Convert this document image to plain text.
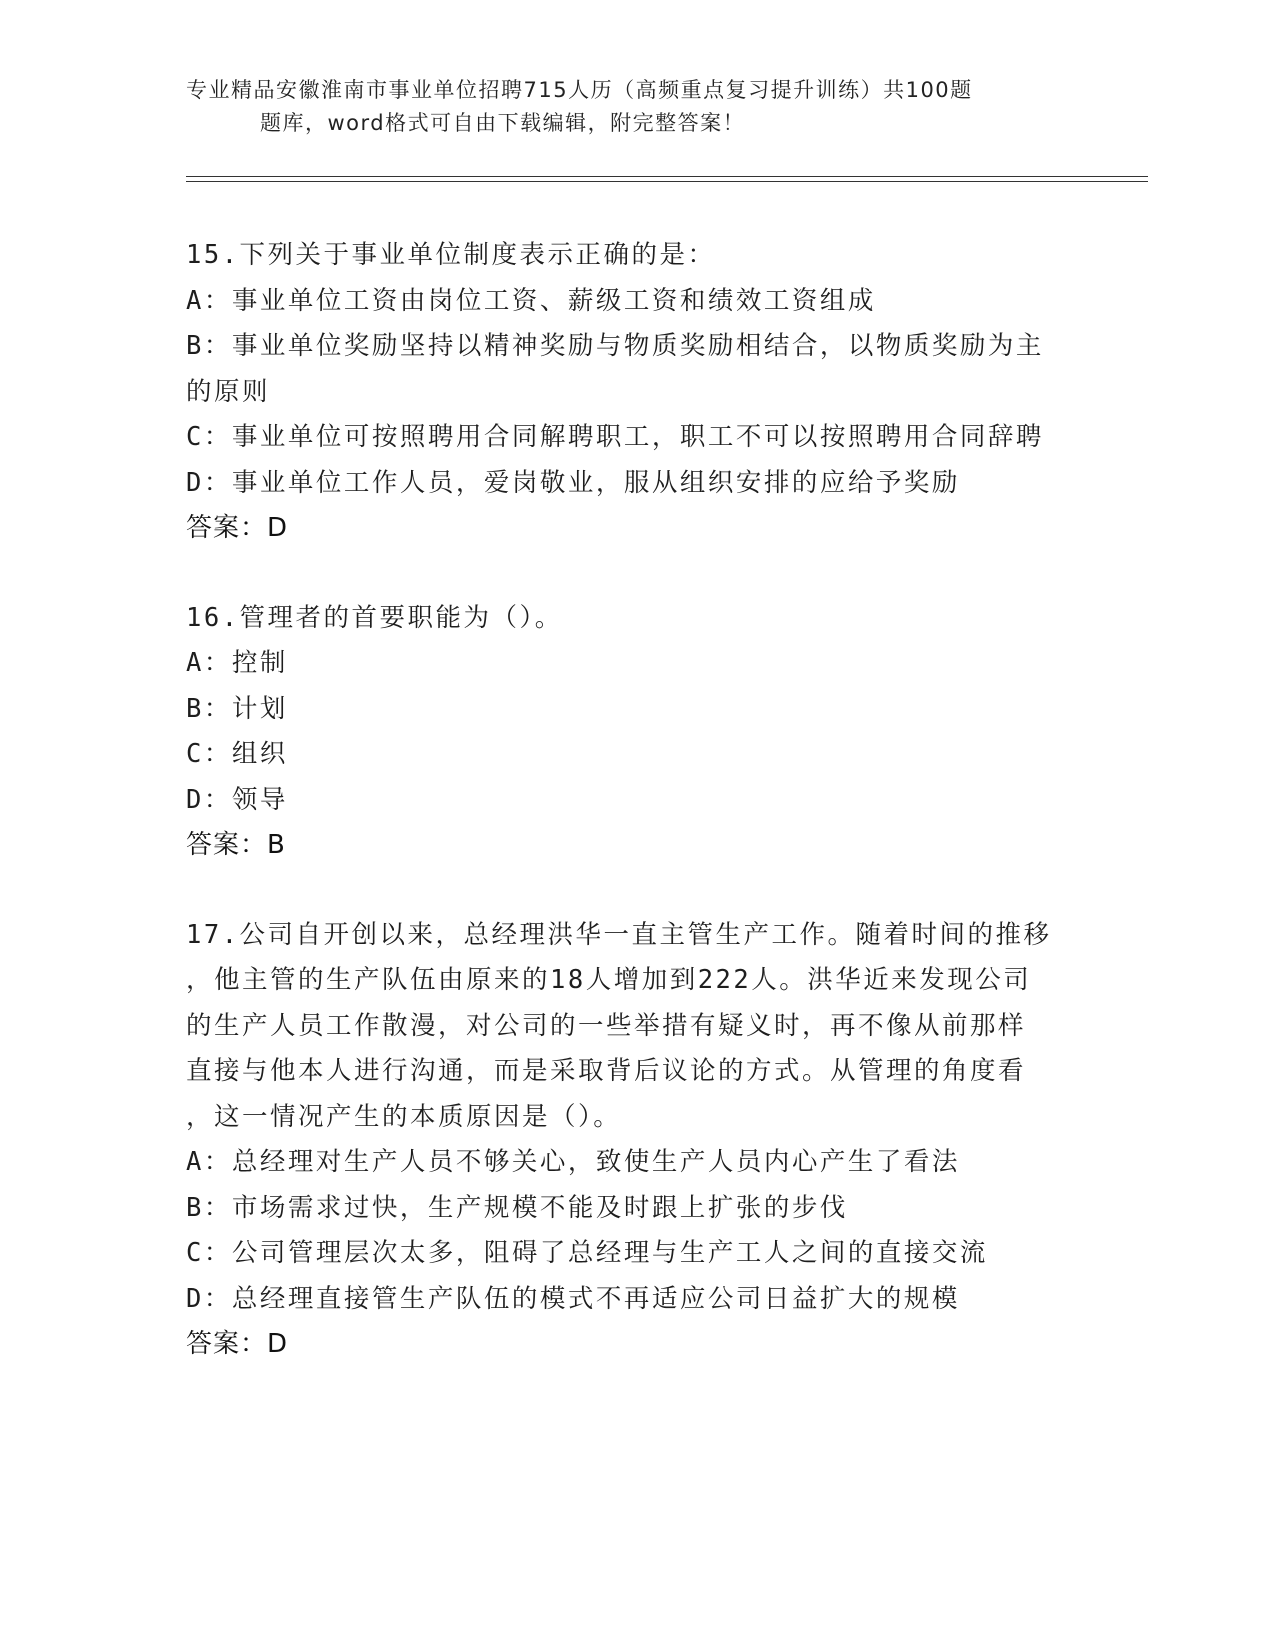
专业精品安徽淮南市事业单位招聘715人历（高频重点复习提升训练）共100题
题库，word格式可自由下载编辑，附完整答案！
15.下列关于事业单位制度表示正确的是：
A：事业单位工资由岗位工资、薪级工资和绩效工资组成
B：事业单位奖励坚持以精神奖励与物质奖励相结合，以物质奖励为主
的原则
C：事业单位可按照聘用合同解聘职工，职工不可以按照聘用合同辞聘
D：事业单位工作人员，爱岗敬业，服从组织安排的应给予奖励
答案：D
16.管理者的首要职能为（）。
A：控制
B：计划
C：组织
D：领导
答案：B
17.公司自开创以来，总经理洪华一直主管生产工作。随着时间的推移
，他主管的生产队伍由原来的18人增加到222人。洪华近来发现公司
的生产人员工作散漫，对公司的一些举措有疑义时，再不像从前那样
直接与他本人进行沟通，而是采取背后议论的方式。从管理的角度看
，这一情况产生的本质原因是（）。
A：总经理对生产人员不够关心，致使生产人员内心产生了看法
B：市场需求过快，生产规模不能及时跟上扩张的步伐
C：公司管理层次太多，阻碍了总经理与生产工人之间的直接交流
D：总经理直接管生产队伍的模式不再适应公司日益扩大的规模
答案：D
